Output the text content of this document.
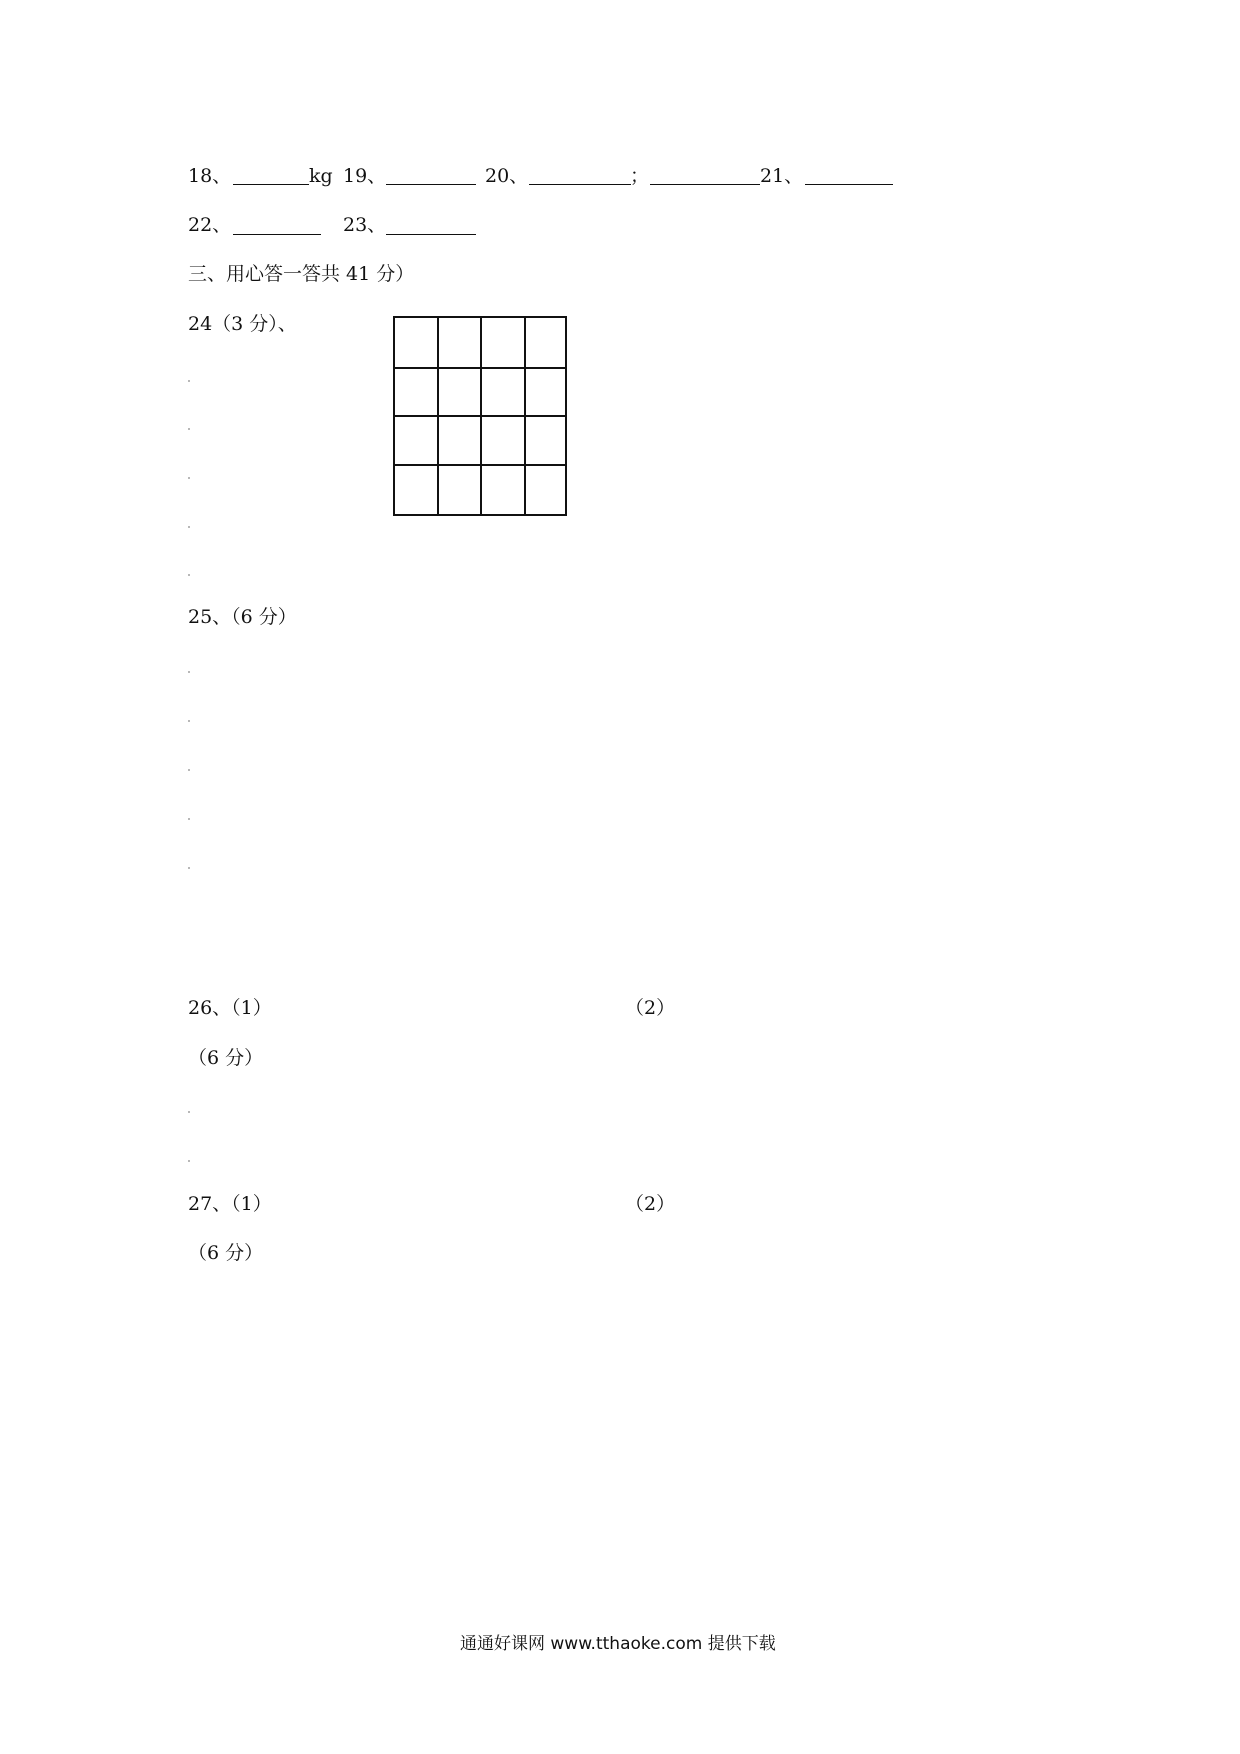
18、	kg 19、	20、	；	21、
22、	23、
三、用心答一答共 41 分）
24（3 分）、
25、（6 分）
26、（1）	（2）
（6 分）
27、（1）	（2）
（6 分）
通通好课网 www.tthaoke.com 提供下载
